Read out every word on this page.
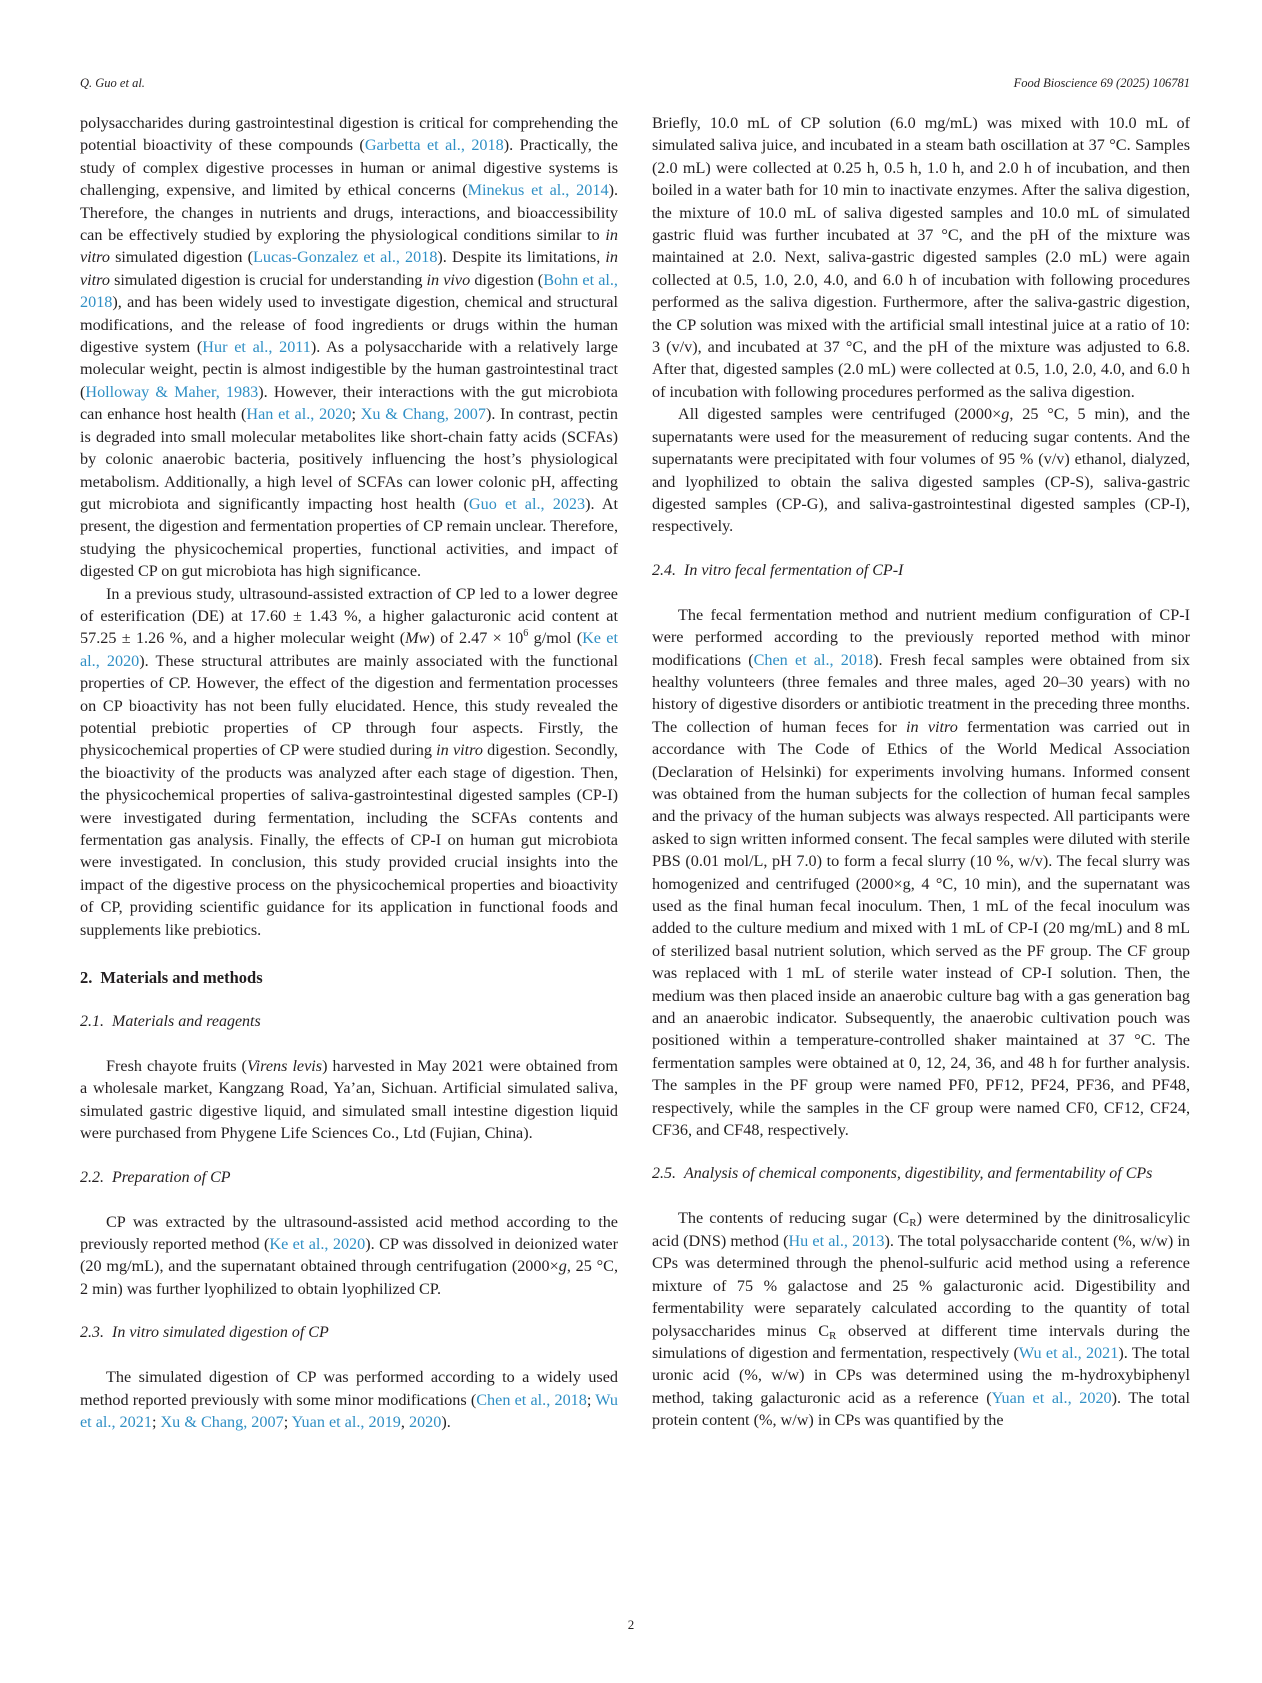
Q. Guo et al.	Food Bioscience 69 (2025) 106781

polysaccharides during gastrointestinal digestion is critical for comprehending the potential bioactivity of these compounds (Garbetta et al., 2018). Practically, the study of complex digestive processes in human or animal digestive systems is challenging, expensive, and limited by ethical concerns (Minekus et al., 2014). Therefore, the changes in nutrients and drugs, interactions, and bioaccessibility can be effectively studied by exploring the physiological conditions similar to in vitro simulated digestion (Lucas-Gonzalez et al., 2018). Despite its limitations, in vitro simulated digestion is crucial for understanding in vivo digestion (Bohn et al., 2018), and has been widely used to investigate digestion, chemical and structural modifications, and the release of food ingredients or drugs within the human digestive system (Hur et al., 2011). As a polysaccharide with a relatively large molecular weight, pectin is almost indigestible by the human gastrointestinal tract (Holloway & Maher, 1983). However, their interactions with the gut microbiota can enhance host health (Han et al., 2020; Xu & Chang, 2007). In contrast, pectin is degraded into small molecular metabolites like short-chain fatty acids (SCFAs) by colonic anaerobic bacteria, positively influencing the host’s physiological metabolism. Additionally, a high level of SCFAs can lower colonic pH, affecting gut microbiota and significantly impacting host health (Guo et al., 2023). At present, the digestion and fermentation properties of CP remain unclear. Therefore, studying the physicochemical properties, functional activities, and impact of digested CP on gut microbiota has high significance.

In a previous study, ultrasound-assisted extraction of CP led to a lower degree of esterification (DE) at 17.60 ± 1.43 %, a higher galacturonic acid content at 57.25 ± 1.26 %, and a higher molecular weight (Mw) of $2.47 \times 10^6$ g/mol (Ke et al., 2020). These structural attributes are mainly associated with the functional properties of CP. However, the effect of the digestion and fermentation processes on CP bioactivity has not been fully elucidated. Hence, this study revealed the potential prebiotic properties of CP through four aspects. Firstly, the physicochemical properties of CP were studied during in vitro digestion. Secondly, the bioactivity of the products was analyzed after each stage of digestion. Then, the physicochemical properties of saliva-gastrointestinal digested samples (CP-I) were investigated during fermentation, including the SCFAs contents and fermentation gas analysis. Finally, the effects of CP-I on human gut microbiota were investigated. In conclusion, this study provided crucial insights into the impact of the digestive process on the physicochemical properties and bioactivity of CP, providing scientific guidance for its application in functional foods and supplements like prebiotics.

2. Materials and methods
2.1. Materials and reagents

Fresh chayote fruits (Virens levis) harvested in May 2021 were obtained from a wholesale market, Kangzang Road, Ya’an, Sichuan. Artificial simulated saliva, simulated gastric digestive liquid, and simulated small intestine digestion liquid were purchased from Phygene Life Sciences Co., Ltd (Fujian, China).

2.2. Preparation of CP

CP was extracted by the ultrasound-assisted acid method according to the previously reported method (Ke et al., 2020). CP was dissolved in deionized water (20 mg/mL), and the supernatant obtained through centrifugation (2000×g, 25 °C, 2 min) was further lyophilized to obtain lyophilized CP.

2.3. In vitro simulated digestion of CP

The simulated digestion of CP was performed according to a widely used method reported previously with some minor modifications (Chen et al., 2018; Wu et al., 2021; Xu & Chang, 2007; Yuan et al., 2019, 2020).

Briefly, 10.0 mL of CP solution (6.0 mg/mL) was mixed with 10.0 mL of simulated saliva juice, and incubated in a steam bath oscillation at 37 °C. Samples (2.0 mL) were collected at 0.25 h, 0.5 h, 1.0 h, and 2.0 h of incubation, and then boiled in a water bath for 10 min to inactivate enzymes. After the saliva digestion, the mixture of 10.0 mL of saliva digested samples and 10.0 mL of simulated gastric fluid was further incubated at 37 °C, and the pH of the mixture was maintained at 2.0. Next, saliva-gastric digested samples (2.0 mL) were again collected at 0.5, 1.0, 2.0, 4.0, and 6.0 h of incubation with following procedures performed as the saliva digestion. Furthermore, after the saliva-gastric digestion, the CP solution was mixed with the artificial small intestinal juice at a ratio of 10: 3 (v/v), and incubated at 37 °C, and the pH of the mixture was adjusted to 6.8. After that, digested samples (2.0 mL) were collected at 0.5, 1.0, 2.0, 4.0, and 6.0 h of incubation with following procedures performed as the saliva digestion.

All digested samples were centrifuged (2000×g, 25 °C, 5 min), and the supernatants were used for the measurement of reducing sugar contents. And the supernatants were precipitated with four volumes of 95 % (v/v) ethanol, dialyzed, and lyophilized to obtain the saliva digested samples (CP-S), saliva-gastric digested samples (CP-G), and saliva-gastrointestinal digested samples (CP-I), respectively.

2.4. In vitro fecal fermentation of CP-I

The fecal fermentation method and nutrient medium configuration of CP-I were performed according to the previously reported method with minor modifications (Chen et al., 2018). Fresh fecal samples were obtained from six healthy volunteers (three females and three males, aged 20–30 years) with no history of digestive disorders or antibiotic treatment in the preceding three months. The collection of human feces for in vitro fermentation was carried out in accordance with The Code of Ethics of the World Medical Association (Declaration of Helsinki) for experiments involving humans. Informed consent was obtained from the human subjects for the collection of human fecal samples and the privacy of the human subjects was always respected. All participants were asked to sign written informed consent. The fecal samples were diluted with sterile PBS (0.01 mol/L, pH 7.0) to form a fecal slurry (10 %, w/v). The fecal slurry was homogenized and centrifuged (2000×g, 4 °C, 10 min), and the supernatant was used as the final human fecal inoculum. Then, 1 mL of the fecal inoculum was added to the culture medium and mixed with 1 mL of CP-I (20 mg/mL) and 8 mL of sterilized basal nutrient solution, which served as the PF group. The CF group was replaced with 1 mL of sterile water instead of CP-I solution. Then, the medium was then placed inside an anaerobic culture bag with a gas generation bag and an anaerobic indicator. Subsequently, the anaerobic cultivation pouch was positioned within a temperature-controlled shaker maintained at 37 °C. The fermentation samples were obtained at 0, 12, 24, 36, and 48 h for further analysis. The samples in the PF group were named PF0, PF12, PF24, PF36, and PF48, respectively, while the samples in the CF group were named CF0, CF12, CF24, CF36, and CF48, respectively.

2.5. Analysis of chemical components, digestibility, and fermentability of CPs

The contents of reducing sugar $(C_R)$ were determined by the dinitrosalicylic acid (DNS) method (Hu et al., 2013). The total polysaccharide content (%, w/w) in CPs was determined through the phenol-sulfuric acid method using a reference mixture of 75 % galactose and 25 % galacturonic acid. Digestibility and fermentability were separately calculated according to the quantity of total polysaccharides minus $C_R$ observed at different time intervals during the simulations of digestion and fermentation, respectively (Wu et al., 2021). The total uronic acid (%, w/w) in CPs was determined using the m-hydroxybiphenyl method, taking galacturonic acid as a reference (Yuan et al., 2020). The total protein content (%, w/w) in CPs was quantified by the

2
